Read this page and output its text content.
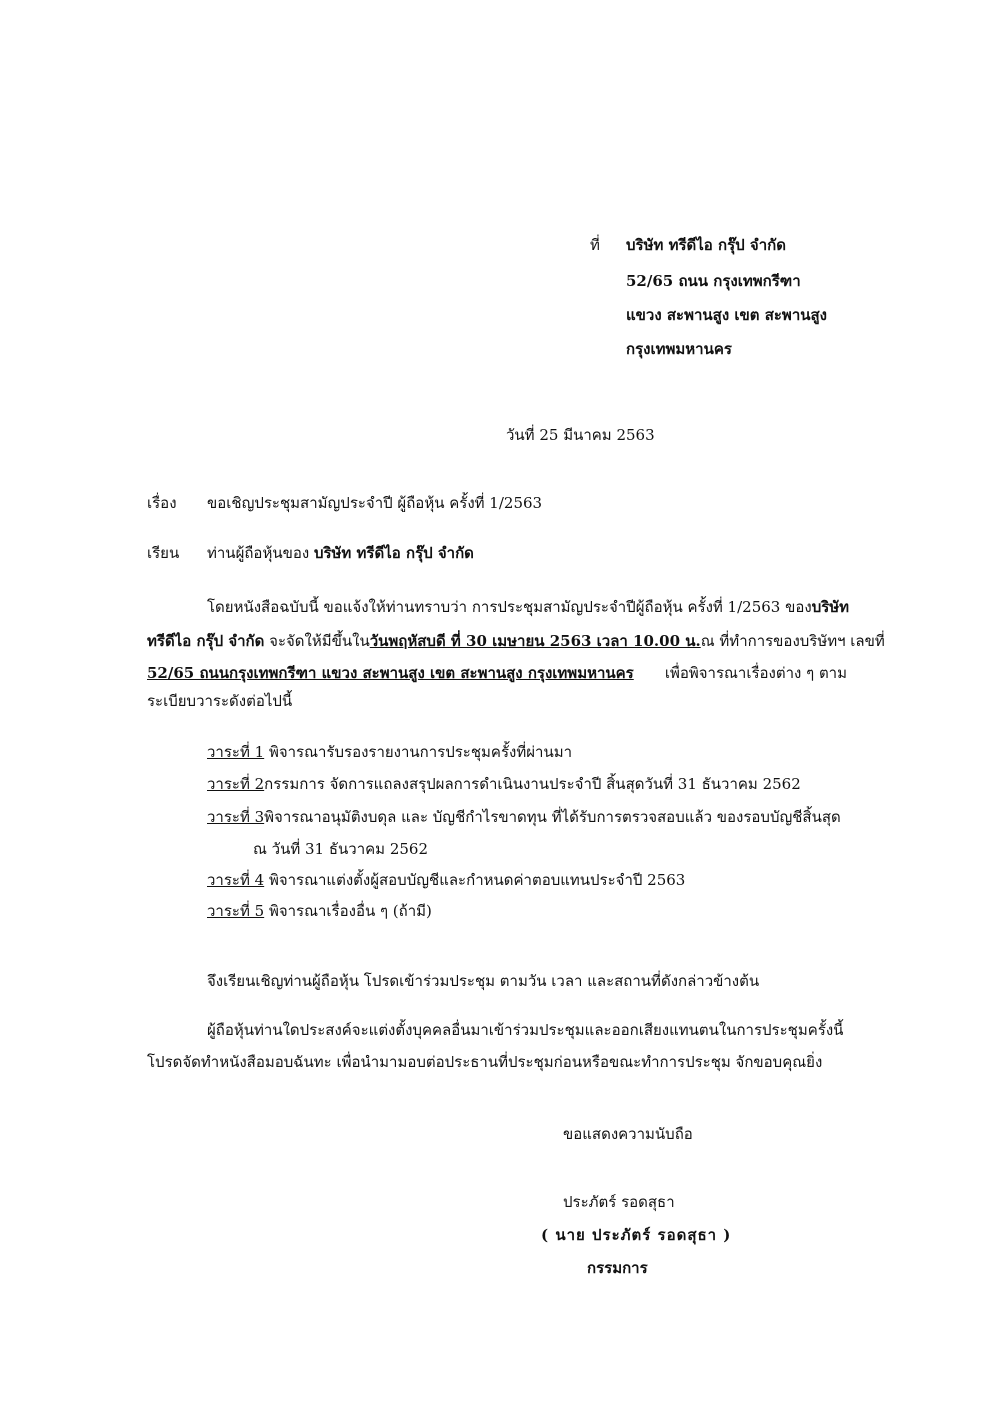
ที่ บริษัท ทรีดีไอ กรุ๊ป จำกัด
52/65 ถนน กรุงเทพกรีฑา
แขวง สะพานสูง เขต สะพานสูง
กรุงเทพมหานคร
วันที่ 25 มีนาคม 2563
เรื่อง ขอเชิญประชุมสามัญประจำปี ผู้ถือหุ้น ครั้งที่ 1/2563
เรียน ท่านผู้ถือหุ้นของ บริษัท ทรีดีไอ กรุ๊ป จำกัด
โดยหนังสือฉบับนี้ ขอแจ้งให้ท่านทราบว่า การประชุมสามัญประจำปีผู้ถือหุ้น ครั้งที่ 1/2563 ของ บริษัท
ทรีดีไอ กรุ๊ป จำกัด จะจัดให้มีขึ้นในวันพฤหัสบดี ที่ 30 เมษายน 2563 เวลา 10.00 น. ณ ที่ทำการของบริษัทฯ เลขที่
52/65 ถนนกรุงเทพกรีฑา แขวง สะพานสูง เขต สะพานสูง กรุงเทพมหานคร เพื่อพิจารณาเรื่องต่าง ๆ ตาม
ระเบียบวาระดังต่อไปนี้
วาระที่ 1 พิจารณารับรองรายงานการประชุมครั้งที่ผ่านมา
วาระที่ 2กรรมการ จัดการแถลงสรุปผลการดำเนินงานประจำปี สิ้นสุดวันที่ 31 ธันวาคม 2562
วาระที่ 3พิจารณาอนุมัติงบดุล และ บัญชีกำไรขาดทุน ที่ได้รับการตรวจสอบแล้ว ของรอบบัญชีสิ้นสุด
ณ วันที่ 31 ธันวาคม 2562
วาระที่ 4 พิจารณาแต่งตั้งผู้สอบบัญชีและกำหนดค่าตอบแทนประจำปี 2563
วาระที่ 5 พิจารณาเรื่องอื่น ๆ (ถ้ามี)
จึงเรียนเชิญท่านผู้ถือหุ้น โปรดเข้าร่วมประชุม ตามวัน เวลา และสถานที่ดังกล่าวข้างต้น
ผู้ถือหุ้นท่านใดประสงค์จะแต่งตั้งบุคคลอื่นมาเข้าร่วมประชุมและออกเสียงแทนตนในการประชุมครั้งนี้
โปรดจัดทำหนังสือมอบฉันทะ เพื่อนำมามอบต่อประธานที่ประชุมก่อนหรือขณะทำการประชุม จักขอบคุณยิ่ง
ขอแสดงความนับถือ
ประภัตร์ รอดสุธา
( นาย ประภัตร์ รอดสุธา )
กรรมการ
